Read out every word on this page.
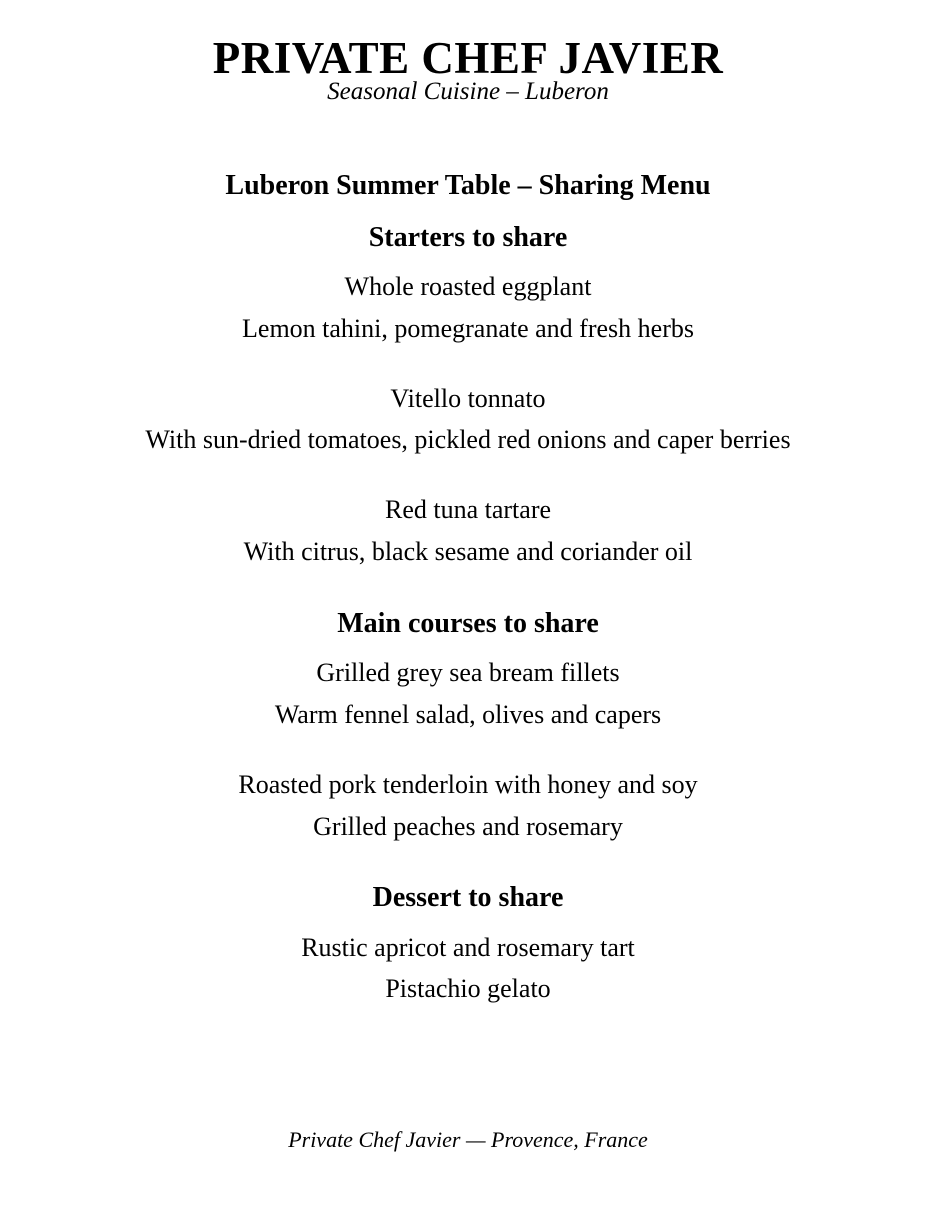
PRIVATE CHEF JAVIER
Seasonal Cuisine – Luberon
Luberon Summer Table – Sharing Menu
Starters to share
Whole roasted eggplant
Lemon tahini, pomegranate and fresh herbs
Vitello tonnato
With sun-dried tomatoes, pickled red onions and caper berries
Red tuna tartare
With citrus, black sesame and coriander oil
Main courses to share
Grilled grey sea bream fillets
Warm fennel salad, olives and capers
Roasted pork tenderloin with honey and soy
Grilled peaches and rosemary
Dessert to share
Rustic apricot and rosemary tart
Pistachio gelato
Private Chef Javier — Provence, France
